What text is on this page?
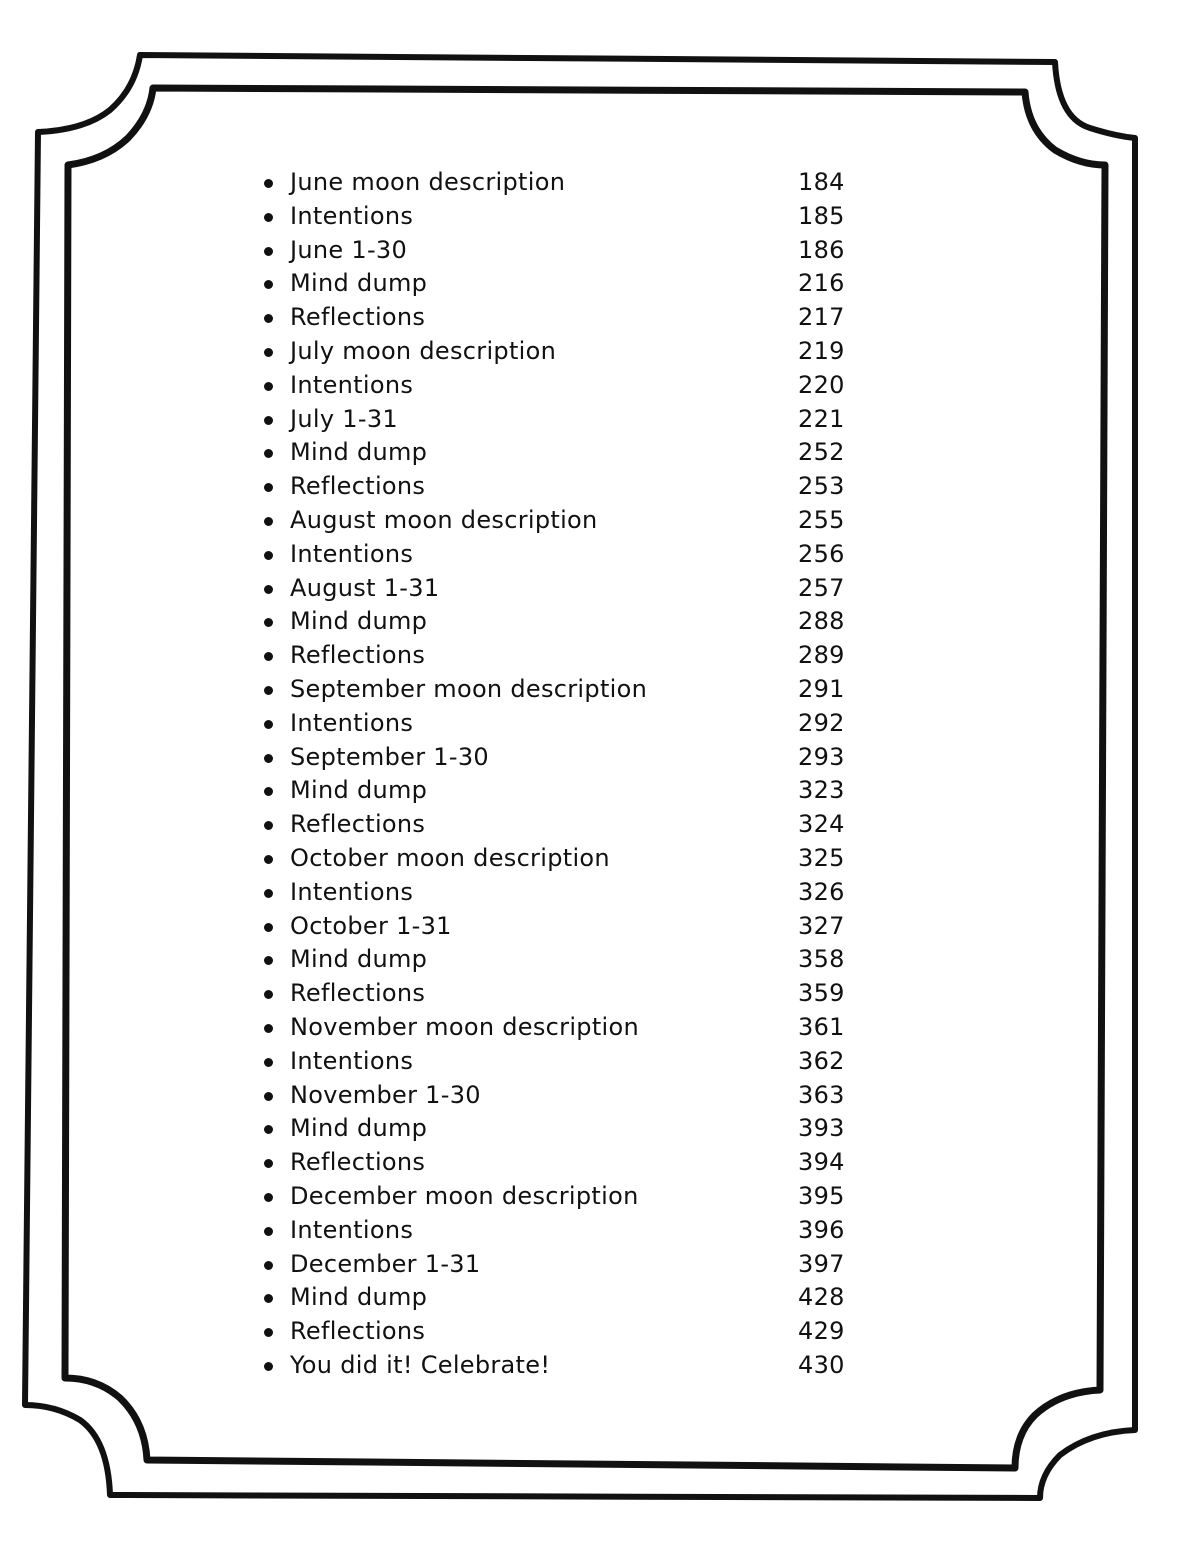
June moon description	184
Intentions	185
June 1-30	186
Mind dump	216
Reflections	217
July moon description	219
Intentions	220
July 1-31	221
Mind dump	252
Reflections	253
August moon description	255
Intentions	256
August 1-31	257
Mind dump	288
Reflections	289
September moon description	291
Intentions	292
September 1-30	293
Mind dump	323
Reflections	324
October moon description	325
Intentions	326
October 1-31	327
Mind dump	358
Reflections	359
November moon description	361
Intentions	362
November 1-30	363
Mind dump	393
Reflections	394
December moon description	395
Intentions	396
December 1-31	397
Mind dump	428
Reflections	429
You did it! Celebrate!	430
